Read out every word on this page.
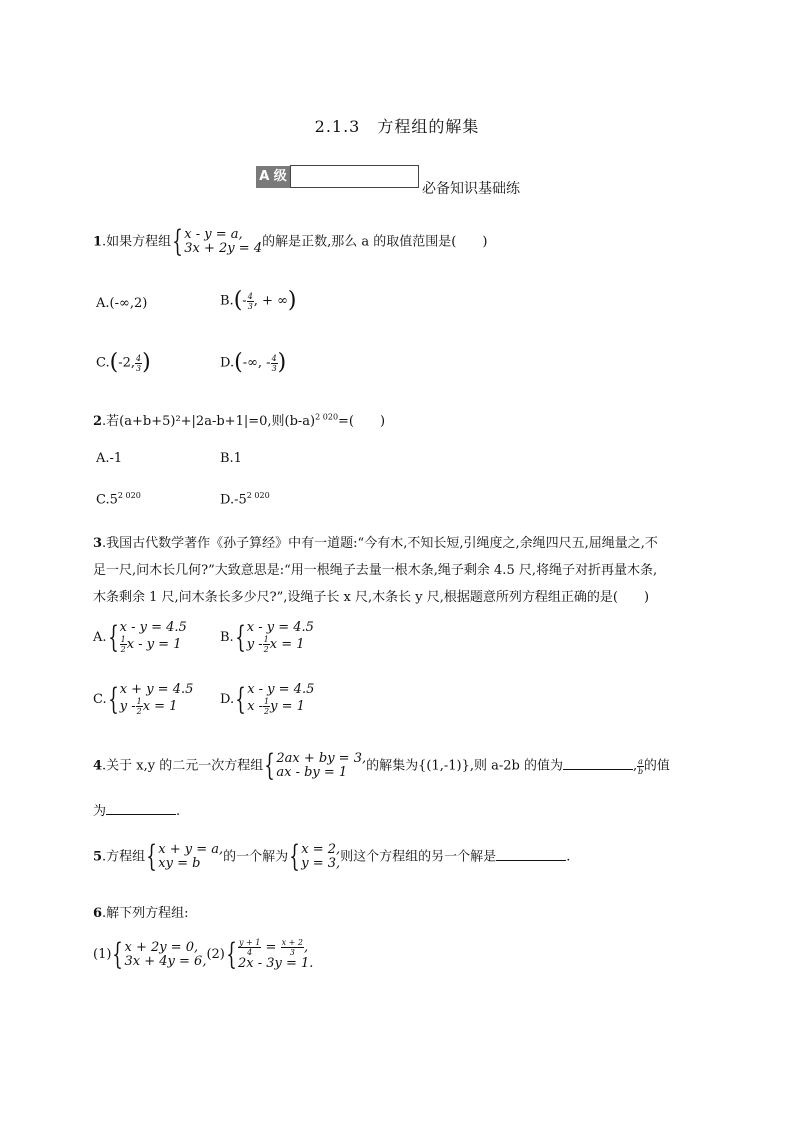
2.1.3　方程组的解集
A 级
必备知识基础练
1.如果方程组 { x - y = a,
3x + 2y = 4 的解是正数,那么 a 的取值范围是(　　)
A.(-∞,2)	$B.(- \frac{4}{3}$ , + ∞)
C.(-2, $\frac{4}{3}$ )	D.(-∞, - $\frac{4}{3}$ )
2.若(a+b+5)²+|2a-b+1|=0,则$(b-a)^{2 020}=$(　　)
A.-1	B.1
$C.5^{2 020}$	$D.-5^{2 020}$
3.我国古代数学著作《孙子算经》中有一道题:“今有木,不知长短,引绳度之,余绳四尺五,屈绳量之,不
足一尺,问木长几何?”大致意思是:“用一根绳子去量一根木条,绳子剩余 4.5 尺,将绳子对折再量木条,
木条剩余 1 尺,问木条长多少尺?”,设绳子长 x 尺,木条长 y 尺,根据题意所列方程组正确的是(　　)
A. { x - y = 4.5
$\frac{1}{2}$ x - y = 1	B. { x - y = 4.5
y - $\frac{1}{2}$ x = 1
C. { x + y = 4.5
y - $\frac{1}{2}$ x = 1	D. { x - y = 4.5
x - $\frac{1}{2}$ y = 1
4.关于 x,y 的二元一次方程组 { 2ax + by = 3,
ax - by = 1	的解集为{(1,-1)},则 a-2b 的值为	, $\frac{a}{b}$ 的值
为	.
5.方程组 { x + y = a,
xy = b	的一个解为 { x = 2,
y = 3, 则这个方程组的另一个解是	.
6.解下列方程组:
(1) { x + 2y = 0,
3x + 4y = 6, (2) { $\frac{y + 1}{4} = \frac{x + 2}{3}$ ,
2x - 3y = 1.
